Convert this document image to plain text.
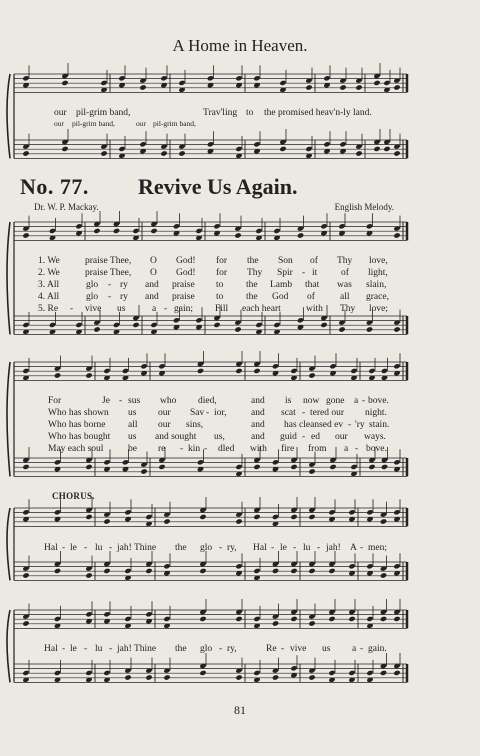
A Home in Heaven.
our pil-grim band,	Trav'ling to the promised heav'n-ly land.
our pil-grim band,	our pil-grim band,
No. 77. Revive Us Again.
Dr. W. P. Mackay.	English Melody.
1. We	praise Thee, O God! for the Son of Thy love,
2. We	praise Thee, O God! for Thy Spir - it of light,
3. All	glo - ry and praise to the Lamb that was slain,
4. All	glo - ry and praise to the God of	all grace,
5. Re - vive us	a - gain; Fill each heart	with Thy love;
For	Je - sus who died,	and is now gone a - bove.
Who has shown us our Sav - ior,	and scat - tered our night.
Who has borne all our sins,	and has cleansed ev - 'ry stain.
Who has bought us and sought us,	and guid - ed our ways.
May each soul	be re - kin - dled with fire from a - bove.
CHORUS.
Hal - le - lu - jah! Thine the glo - ry, Hal - le - lu - jah! A - men;
Hal - le - lu - jah! Thine the glo - ry,	Re - vive us a - gain.
81
